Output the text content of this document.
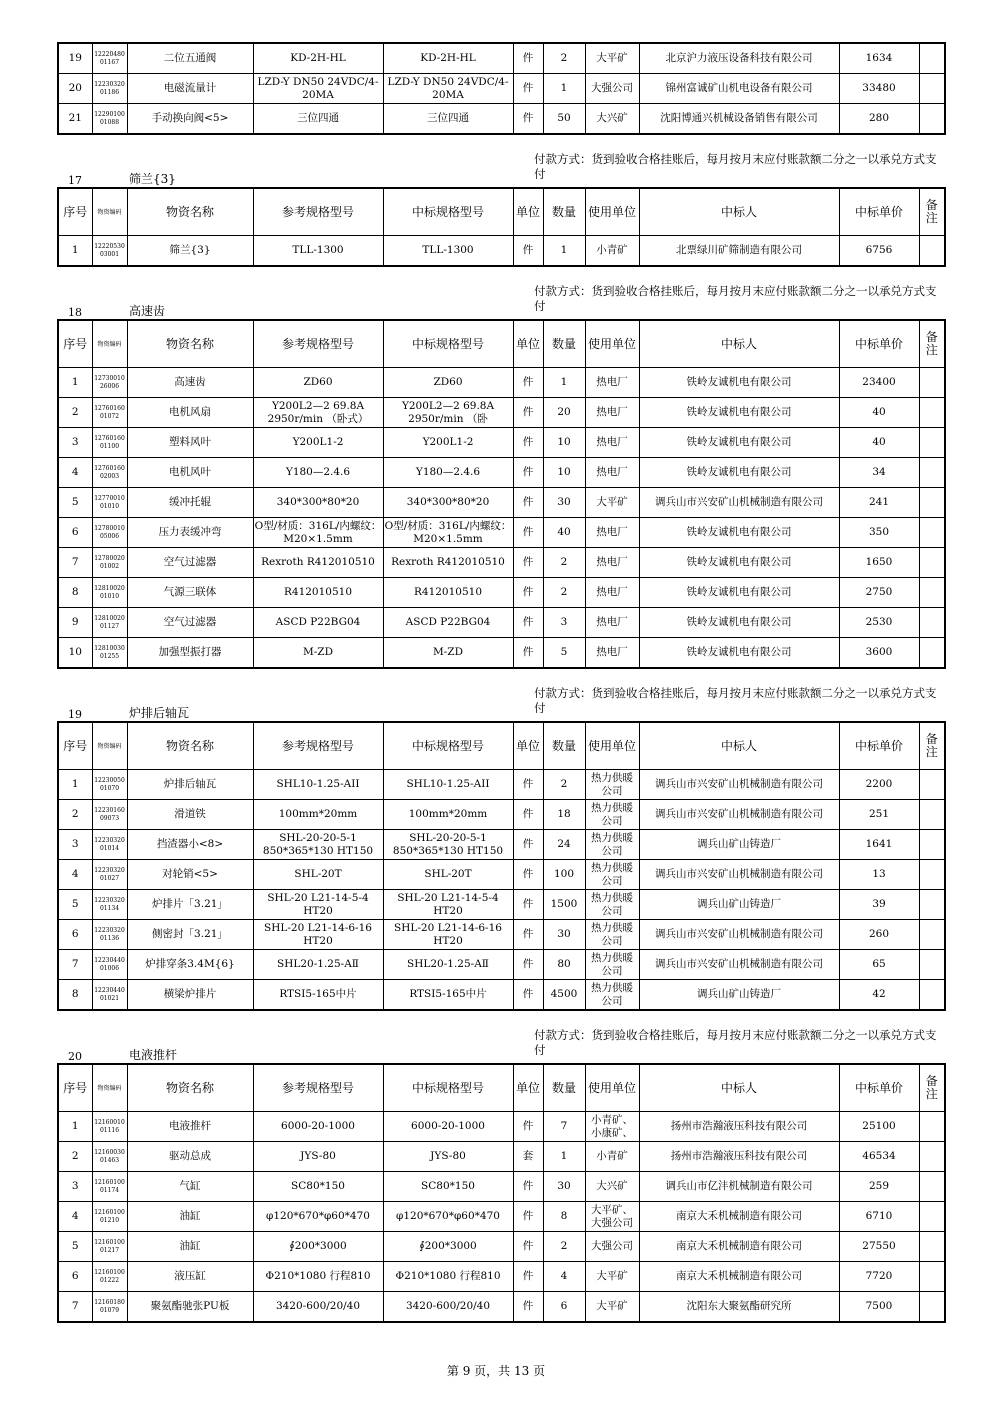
19	12220480 01167	二位五通阀	KD-2H-HL	KD-2H-HL	件	2	大平矿	北京沪力液压设备科技有限公司	1634	
20	12230320 01186	电磁流量计	LZD-Y DN50 24VDC/4-20MA	LZD-Y DN50 24VDC/4-20MA	件	1	大强公司	锦州富诚矿山机电设备有限公司	33480	
21	12290100 01088	手动换向阀<5>	三位四通	三位四通	件	50	大兴矿	沈阳博通兴机械设备销售有限公司	280	
17	筛兰{3}
付款方式：货到验收合格挂账后，每月按月末应付账款额二分之一以承兑方式支付
序号	物资编码	物资名称	参考规格型号	中标规格型号	单位	数量	使用单位	中标人	中标单价	备注
1	12220530 03001	筛兰{3}	TLL-1300	TLL-1300	件	1	小青矿	北票绿川矿筛制造有限公司	6756	
18	高速齿
付款方式：货到验收合格挂账后，每月按月末应付账款额二分之一以承兑方式支付
序号	物资编码	物资名称	参考规格型号	中标规格型号	单位	数量	使用单位	中标人	中标单价	备注
1	12730010 26006	高速齿	ZD60	ZD60	件	1	热电厂	铁岭友诚机电有限公司	23400	
2	12760160 01072	电机风扇	Y200L2—2 69.8A 2950r/min （卧式）	Y200L2—2 69.8A 2950r/min （卧	件	20	热电厂	铁岭友诚机电有限公司	40	
3	12760160 01100	塑料风叶	Y200L1-2	Y200L1-2	件	10	热电厂	铁岭友诚机电有限公司	40	
4	12760160 02003	电机风叶	Y180—2.4.6	Y180—2.4.6	件	10	热电厂	铁岭友诚机电有限公司	34	
5	12770010 01010	缓冲托辊	340*300*80*20	340*300*80*20	件	30	大平矿	调兵山市兴安矿山机械制造有限公司	241	
6	12780010 05006	压力表缓冲弯	O型/材质：316L/内螺纹：M20×1.5mm	O型/材质：316L/内螺纹：M20×1.5mm	件	40	热电厂	铁岭友诚机电有限公司	350	
7	12780020 01002	空气过滤器	Rexroth R412010510	Rexroth R412010510	件	2	热电厂	铁岭友诚机电有限公司	1650	
8	12810020 01010	气源三联体	R412010510	R412010510	件	2	热电厂	铁岭友诚机电有限公司	2750	
9	12810020 01127	空气过滤器	ASCD P22BG04	ASCD P22BG04	件	3	热电厂	铁岭友诚机电有限公司	2530	
10	12810030 01255	加强型振打器	M-ZD	M-ZD	件	5	热电厂	铁岭友诚机电有限公司	3600	
19	炉排后轴瓦
付款方式：货到验收合格挂账后，每月按月末应付账款额二分之一以承兑方式支付
序号	物资编码	物资名称	参考规格型号	中标规格型号	单位	数量	使用单位	中标人	中标单价	备注
1	12230050 01070	炉排后轴瓦	SHL10-1.25-AII	SHL10-1.25-AII	件	2	热力供暖公司	调兵山市兴安矿山机械制造有限公司	2200	
2	12230160 09073	滑道铁	100mm*20mm	100mm*20mm	件	18	热力供暖公司	调兵山市兴安矿山机械制造有限公司	251	
3	12230320 01014	挡渣器小<8>	SHL-20-20-5-1 850*365*130 HT150	SHL-20-20-5-1 850*365*130 HT150	件	24	热力供暖公司	调兵山矿山铸造厂	1641	
4	12230320 01027	对轮销<5>	SHL-20T	SHL-20T	件	100	热力供暖公司	调兵山市兴安矿山机械制造有限公司	13	
5	12230320 01134	炉排片「3.21」	SHL-20 L21-14-5-4 HT20	SHL-20 L21-14-5-4 HT20	件	1500	热力供暖公司	调兵山矿山铸造厂	39	
6	12230320 01136	侧密封「3.21」	SHL-20 L21-14-6-16 HT20	SHL-20 L21-14-6-16 HT20	件	30	热力供暖公司	调兵山市兴安矿山机械制造有限公司	260	
7	12230440 01006	炉排穿条3.4M{6}	SHL20-1.25-AⅡ	SHL20-1.25-AⅡ	件	80	热力供暖公司	调兵山市兴安矿山机械制造有限公司	65	
8	12230440 01021	横梁炉排片	RTSI5-165中片	RTSI5-165中片	件	4500	热力供暖公司	调兵山矿山铸造厂	42	
20	电液推杆
付款方式：货到验收合格挂账后，每月按月末应付账款额二分之一以承兑方式支付
序号	物资编码	物资名称	参考规格型号	中标规格型号	单位	数量	使用单位	中标人	中标单价	备注
1	12160010 01116	电液推杆	6000-20-1000	6000-20-1000	件	7	小青矿、小康矿、	扬州市浩瀚液压科技有限公司	25100	
2	12160030 01463	驱动总成	JYS-80	JYS-80	套	1	小青矿	扬州市浩瀚液压科技有限公司	46534	
3	12160100 01174	气缸	SC80*150	SC80*150	件	30	大兴矿	调兵山市亿沣机械制造有限公司	259	
4	12160100 01210	油缸	φ120*670*φ60*470	φ120*670*φ60*470	件	8	大平矿、大强公司	南京大禾机械制造有限公司	6710	
5	12160100 01217	油缸	∮200*3000	∮200*3000	件	2	大强公司	南京大禾机械制造有限公司	27550	
6	12160100 01222	液压缸	Φ210*1080 行程810	Φ210*1080 行程810	件	4	大平矿	南京大禾机械制造有限公司	7720	
7	12160180 01079	聚氨酯驰张PU板	3420-600/20/40	3420-600/20/40	件	6	大平矿	沈阳东大聚氨酯研究所	7500	
第 9 页，共 13 页
